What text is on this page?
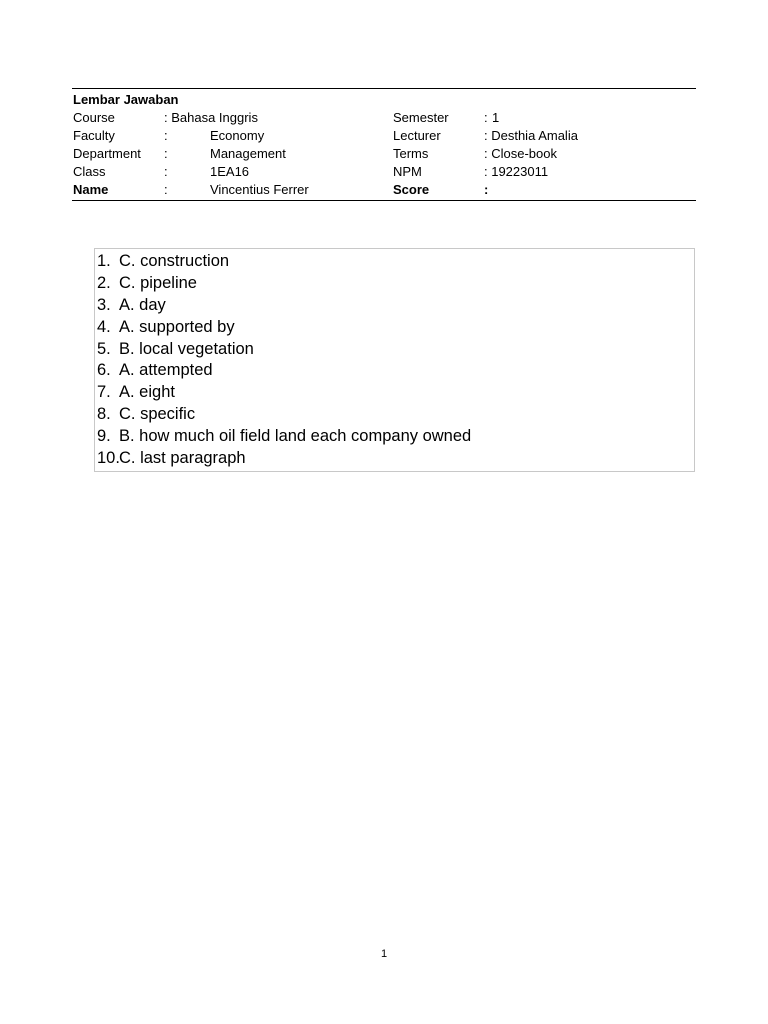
Lembar Jawaban
Course	: Bahasa Inggris	Semester	: 1
Faculty	:	Economy	Lecturer	: Desthia Amalia
Department :	Management	Terms	: Close-book
Class	:	1EA16	NPM	: 19223011
Name	:	Vincentius Ferrer	Score	:
1. C. construction
2. C. pipeline
3. A. day
4. A. supported by
5. B. local vegetation
6. A. attempted
7. A. eight
8. C. specific
9. B. how much oil field land each company owned
10. C. last paragraph
1
